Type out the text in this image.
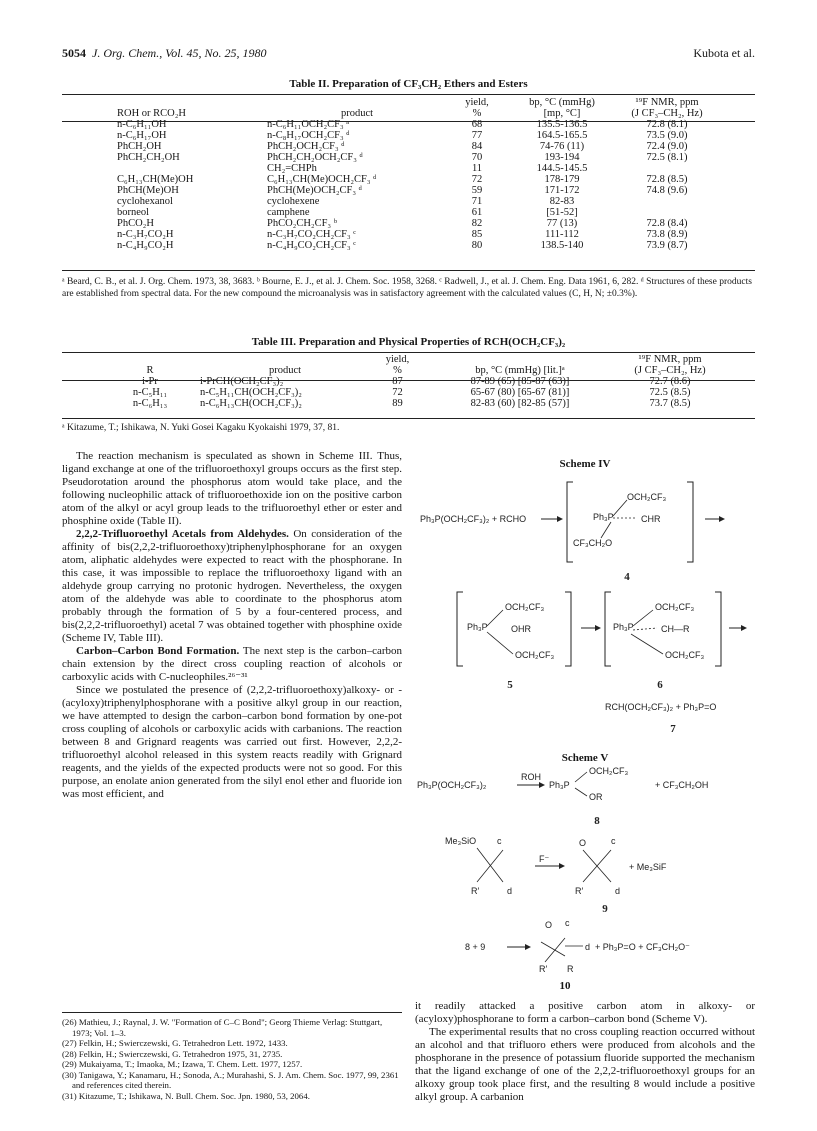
5054 J. Org. Chem., Vol. 45, No. 25, 1980	Kubota et al.
Table II. Preparation of CF₃CH₂ Ethers and Esters
ROH or RCO₂H	product	yield,
%	bp, °C (mmHg)
[mp, °C]	¹⁹F NMR, ppm
(J CF₃–CH₂, Hz)
n-C₆H₁₁OH	n-C₆H₁₁OCH₂CF₃ ᵃ	68	135.5-136.5	72.8 (8.1)
n-C₆H₁₇OH	n-C₈H₁₇OCH₂CF₃ ᵈ	77	164.5-165.5	73.5 (9.0)
PhCH₂OH	PhCH₂OCH₂CF₃ ᵈ	84	74-76 (11)	72.4 (9.0)
PhCH₂CH₂OH	PhCH₂CH₂OCH₂CF₃ ᵈ	70	193-194	72.5 (8.1)
	CH₂=CHPh	11	144.5-145.5	
C₆H₁₃CH(Me)OH	C₆H₁₃CH(Me)OCH₂CF₃ ᵈ	72	178-179	72.8 (8.5)
PhCH(Me)OH	PhCH(Me)OCH₂CF₃ ᵈ	59	171-172	74.8 (9.6)
cyclohexanol	cyclohexene	71	82-83	
borneol	camphene	61	[51-52]	
PhCO₂H	PhCO₂CH₂CF₃ ᵇ	82	77 (13)	72.8 (8.4)
n-C₃H₇CO₂H	n-C₃H₇CO₂CH₂CF₃ ᶜ	85	111-112	73.8 (8.9)
n-C₄H₉CO₂H	n-C₄H₉CO₂CH₂CF₃ ᶜ	80	138.5-140	73.9 (8.7)
ᵃ Beard, C. B., et al. J. Org. Chem. 1973, 38, 3683. ᵇ Bourne, E. J., et al. J. Chem. Soc. 1958, 3268. ᶜ Radwell, J., et al. J. Chem. Eng. Data 1961, 6, 282. ᵈ Structures of these products are established from spectral data. For the new compound the microanalysis was in satisfactory agreement with the calculated values (C, H, N; ±0.3%).
Table III. Preparation and Physical Properties of RCH(OCH₂CF₃)₂
R	product	yield,
%	bp, °C (mmHg) [lit.]ᵃ	¹⁹F NMR, ppm
(J CF₃–CH₂, Hz)
i-Pr	i-PrCH(OCH₂CF₃)₂	87	87-89 (65) [85-87 (63)]	72.7 (8.6)
n-C₅H₁₁	n-C₅H₁₁CH(OCH₂CF₃)₂	72	65-67 (80) [65-67 (81)]	72.5 (8.5)
n-C₆H₁₃	n-C₆H₁₃CH(OCH₂CF₃)₂	89	82-83 (60) [82-85 (57)]	73.7 (8.5)
ᵃ Kitazume, T.; Ishikawa, N. Yuki Gosei Kagaku Kyokaishi 1979, 37, 81.

The reaction mechanism is speculated as shown in Scheme III. Thus, ligand exchange at one of the trifluoroethoxyl groups occurs as the first step. Pseudorotation around the phosphorus atom would take place, and the following nucleophilic attack of trifluoroethoxide ion on the positive carbon atom of the alkyl or acyl group leads to the trifluoroethyl ether or ester and phosphine oxide (Table II).

2,2,2-Trifluoroethyl Acetals from Aldehydes. On consideration of the affinity of bis(2,2,2-trifluoroethoxy)triphenylphosphorane for an oxygen atom, aliphatic aldehydes were expected to react with the phosphorane. In this case, it was impossible to replace the trifluoroethoxy ligand with an aldehyde group carrying no protonic hydrogen. Nevertheless, the oxygen atom of the aldehyde was able to coordinate to the phosphorus atom probably through the formation of 5 by a four-centered process, and bis(2,2,2-trifluoroethyl) acetal 7 was obtained together with phosphine oxide (Scheme IV, Table III).

Carbon–Carbon Bond Formation. The next step is the carbon–carbon chain extension by the direct cross coupling reaction of alcohols or carboxylic acids with C-nucleophiles.²⁶⁻³¹

Since we postulated the presence of (2,2,2-trifluoroethoxy)alkoxy- or -(acyloxy)triphenylphosphorane with a positive alkyl group in our reaction, we have attempted to design the carbon–carbon bond formation by one-pot cross coupling of alcohols or carboxylic acids with carbanions. The reaction between 8 and Grignard reagents was carried out first. However, 2,2,2-trifluoroethyl alcohol released in this system reacts readily with Grignard reagents, and the yields of the expected products were not so good. For this purpose, an enolate anion generated from the silyl enol ether and fluoride ion was most efficient, and

(26) Mathieu, J.; Raynal, J. W. "Formation of C–C Bond"; Georg Thieme Verlag: Stuttgart, 1973; Vol. 1–3.
(27) Felkin, H.; Swierczewski, G. Tetrahedron Lett. 1972, 1433.
(28) Felkin, H.; Swierczewski, G. Tetrahedron 1975, 31, 2735.
(29) Mukaiyama, T.; Imaoka, M.; Izawa, T. Chem. Lett. 1977, 1257.
(30) Tanigawa, Y.; Kanamaru, H.; Sonoda, A.; Murahashi, S. J. Am. Chem. Soc. 1977, 99, 2361 and references cited therein.
(31) Kitazume, T.; Ishikawa, N. Bull. Chem. Soc. Jpn. 1980, 53, 2064.
Scheme IV
Ph₃P(OCH₂CF₃)₂ + RCHO
OCH₂CF₃
Ph₃P	CHR
CF₃CH₂O
4
OCH₂CF₃
Ph₃P	OHR
OCH₂CF₃
5
OCH₂CF₃
Ph₃P	CH—R
OCH₂CF₃
6
RCH(OCH₂CF₃)₂ + Ph₃P=O
7
Scheme V
Ph₃P(OCH₂CF₃)₂
ROH
Ph₃P
OCH₂CF₃
OR
+ CF₃CH₂OH
8
Me₃SiO c
R′	d
F⁻
O	c
R′	d
+ Me₃SiF
9
8 + 9
O c
d
R′ R
+ Ph₃P=O + CF₃CH₂O⁻
10

it readily attacked a positive carbon atom in alkoxy- or (acyloxy)phosphorane to form a carbon–carbon bond (Scheme V).

The experimental results that no cross coupling reaction occurred without an alcohol and that trifluoro ethers were produced from alcohols and the phosphorane in the presence of potassium fluoride supported the mechanism that the ligand exchange of one of the 2,2,2-trifluoroethoxyl groups for an alkoxy group took place first, and the resulting 8 would include a positive alkyl group. A carbanion
